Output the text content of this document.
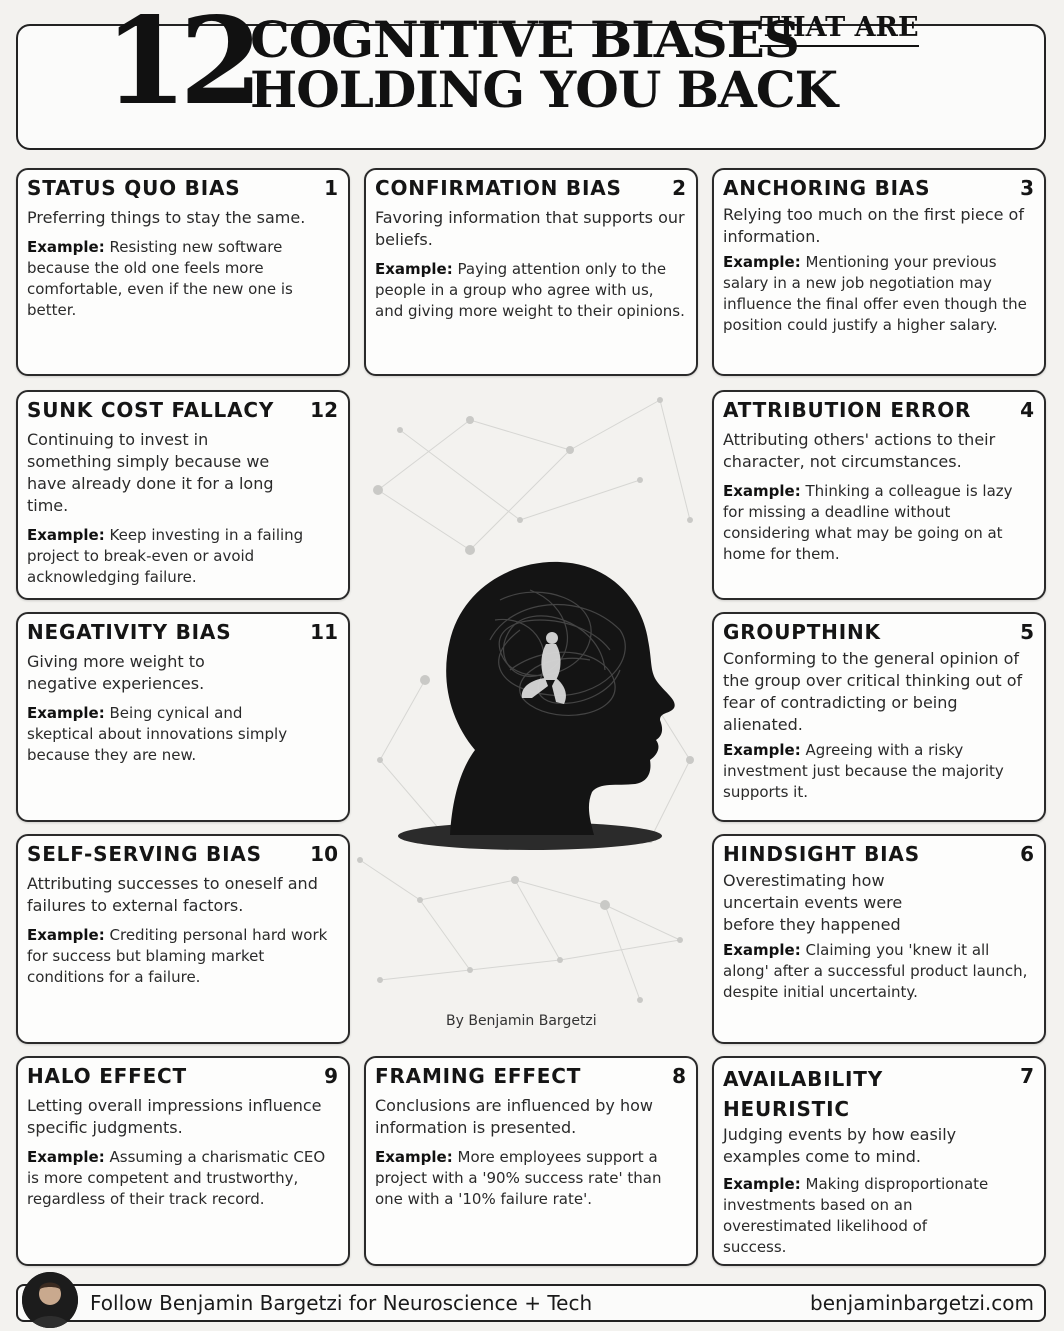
12
COGNITIVE BIASES
THAT ARE
HOLDING YOU BACK
STATUS QUO BIAS	1
Preferring things to stay the same.
Example: Resisting new software because the old one feels more comfortable, even if the new one is better.
CONFIRMATION BIAS	2
Favoring information that supports our beliefs.
Example: Paying attention only to the people in a group who agree with us, and giving more weight to their opinions.
ANCHORING BIAS	3
Relying too much on the first piece of information.
Example: Mentioning your previous salary in a new job negotiation may influence the final offer even though the position could justify a higher salary.
SUNK COST FALLACY 12
Continuing to invest in something simply because we have already done it for a long time.
Example: Keep investing in a failing project to break-even or avoid acknowledging failure.
ATTRIBUTION ERROR 4
Attributing others' actions to their character, not circumstances.
Example: Thinking a colleague is lazy for missing a deadline without considering what may be going on at home for them.
NEGATIVITY BIAS	11
Giving more weight to negative experiences.
Example: Being cynical and skeptical about innovations simply because they are new.
GROUPTHINK	5
Conforming to the general opinion of the group over critical thinking out of fear of contradicting or being alienated.
Example: Agreeing with a risky investment just because the majority supports it.
SELF-SERVING BIAS 10
Attributing successes to oneself and failures to external factors.
Example: Crediting personal hard work for success but blaming market conditions for a failure.
HINDSIGHT BIAS	6
Overestimating how uncertain events were before they happened
Example: Claiming you 'knew it all along' after a successful product launch, despite initial uncertainty.
HALO EFFECT	9
Letting overall impressions influence specific judgments.
Example: Assuming a charismatic CEO is more competent and trustworthy, regardless of their track record.
FRAMING EFFECT	8
Conclusions are influenced by how information is presented.
Example: More employees support a project with a '90% success rate' than one with a '10% failure rate'.
AVAILABILITY HEURISTIC
7
Judging events by how easily examples come to mind.
Example: Making disproportionate investments based on an overestimated likelihood of success.
By Benjamin Bargetzi
Follow Benjamin Bargetzi for Neuroscience + Tech	benjaminbargetzi.com
